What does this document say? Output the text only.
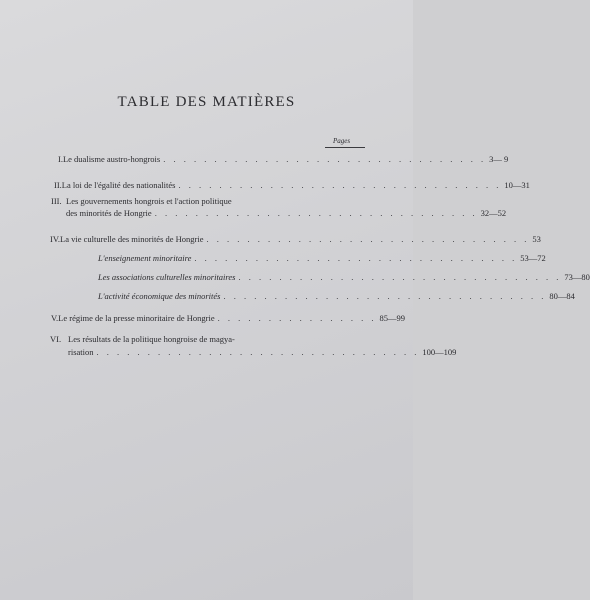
TABLE DES MATIÈRES
Pages
I. Le dualisme austro-hongrois . . . . . . . . . . . . . . . . . . . . . . . . . . . . . . . . 3— 9
II. La loi de l'égalité des nationalités . . . . . . . . . . . . . . . . . . . . . . . . . . . . . . . . 10—31
III. Les gouvernements hongrois et l'action politique
des minorités de Hongrie . . . . . . . . . . . . . . . . . . . . . . . . . . . . . . . . 32—52
IV. La vie culturelle des minorités de Hongrie . . . . . . . . . . . . . . . . . . . . . . . . . . . . . . . . 53
L'enseignement minoritaire . . . . . . . . . . . . . . . . . . . . . . . . . . . . . . . . 53—72
Les associations culturelles minoritaires . . . . . . . . . . . . . . . . . . . . . . . . . . . . . . . . 73—80
L'activité économique des minorités . . . . . . . . . . . . . . . . . . . . . . . . . . . . . . . . 80—84
V. Le régime de la presse minoritaire de Hongrie . . . . . . . . . . . . . . . . 85—99
VI. Les résultats de la politique hongroise de magya-
risation . . . . . . . . . . . . . . . . . . . . . . . . . . . . . . . . 100—109
